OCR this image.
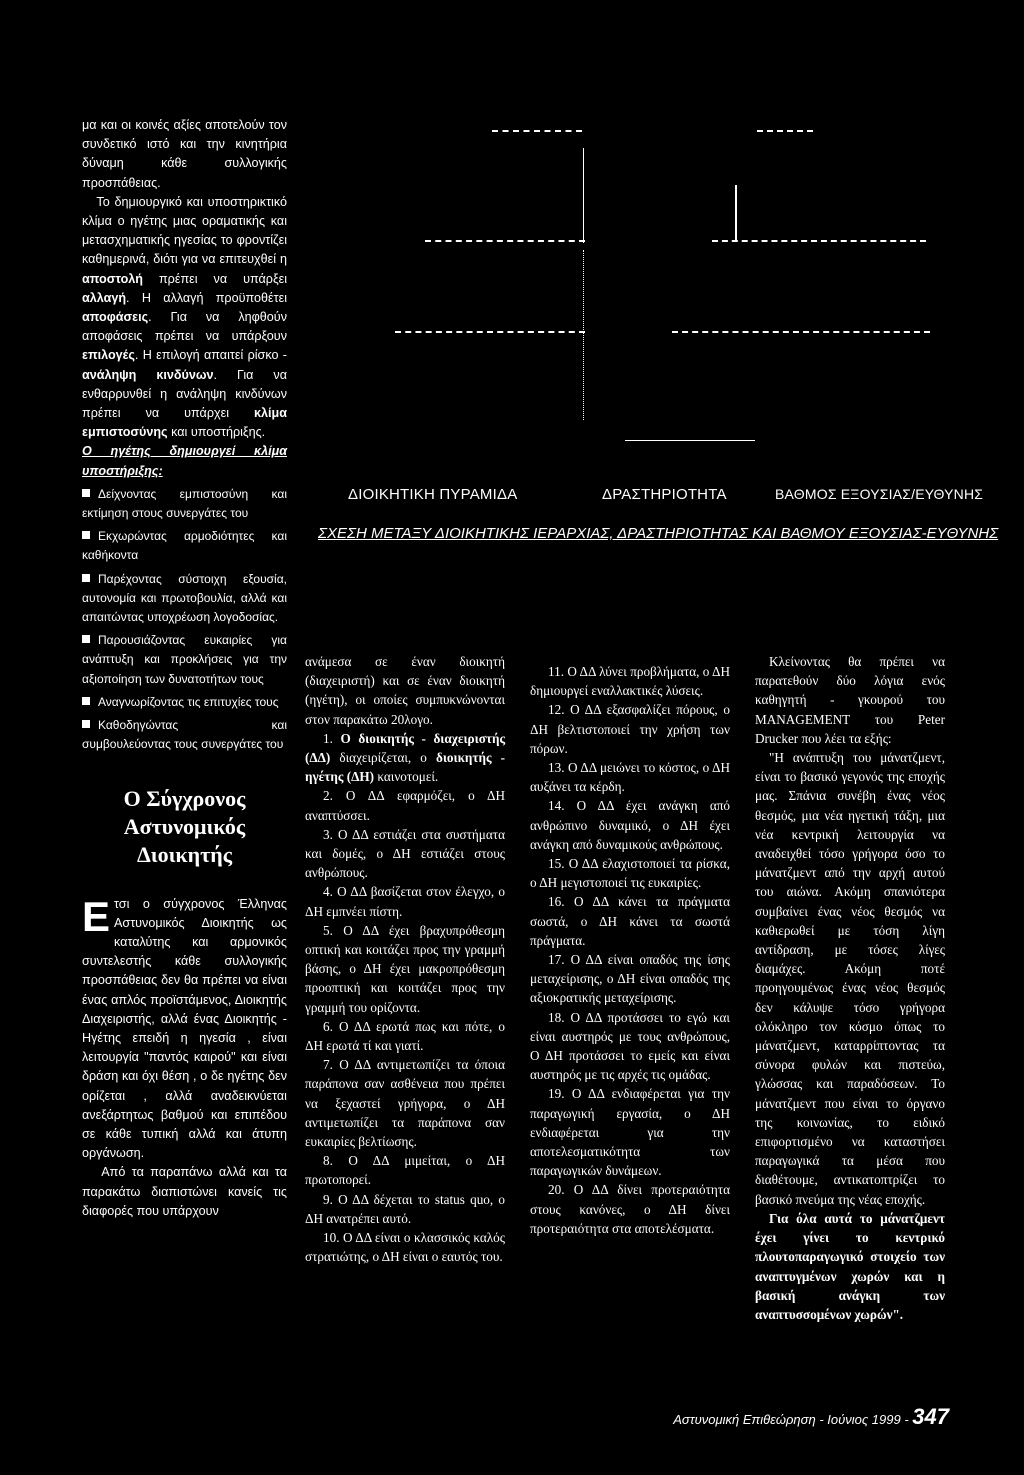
μα και οι κοινές αξίες αποτελούν τον συνδετικό ιστό και την κινητήρια δύναμη κάθε συλλογικής προσπάθειας.

Το δημιουργικό και υποστηρικτικό κλίμα ο ηγέτης μιας οραματικής και μετασχηματικής ηγεσίας το φροντίζει καθημερινά, διότι για να επιτευχθεί η αποστολή πρέπει να υπάρξει αλλαγή. Η αλλαγή προϋποθέτει αποφάσεις. Για να ληφθούν αποφάσεις πρέπει να υπάρξουν επιλογές. Η επιλογή απαιτεί ρίσκο - ανάληψη κινδύνων. Για να ενθαρρυνθεί η ανάληψη κινδύνων πρέπει να υπάρχει κλίμα εμπιστοσύνης και υποστήριξης.

Ο ηγέτης δημιουργεί κλίμα υποστήριξης:

Δείχνοντας εμπιστοσύνη και εκτίμηση στους συνεργάτες του
Εκχωρώντας αρμοδιότητες και καθήκοντα
Παρέχοντας σύστοιχη εξουσία, αυτονομία και πρωτοβουλία, αλλά και απαιτώντας υποχρέωση λογοδοσίας.
Παρουσιάζοντας ευκαιρίες για ανάπτυξη και προκλήσεις για την αξιοποίηση των δυνατοτήτων τους
Αναγνωρίζοντας τις επιτυχίες τους
Καθοδηγώντας και συμβουλεύοντας τους συνεργάτες του
Ο Σύγχρονος Αστυνομικός Διοικητής

Ετσι ο σύγχρονος Έλληνας Αστυνομικός Διοικητής ως καταλύτης και αρμονικός συντελεστής κάθε συλλογικής προσπάθειας δεν θα πρέπει να είναι ένας απλός προϊστάμενος, Διοικητής Διαχειριστής, αλλά ένας Διοικητής - Ηγέτης επειδή η ηγεσία , είναι λειτουργία "παντός καιρού" και είναι δράση και όχι θέση , ο δε ηγέτης δεν ορίζεται , αλλά αναδεικνύεται ανεξάρτητως βαθμού και επιπέδου σε κάθε τυπική αλλά και άτυπη οργάνωση.

Από τα παραπάνω αλλά και τα παρακάτω διαπιστώνει κανείς τις διαφορές που υπάρχουν

ΔΙΟΙΚΗΤΙΚΗ ΠΥΡΑΜΙΔΑ	ΔΡΑΣΤΗΡΙΟΤΗΤΑ	ΒΑΘΜΟΣ ΕΞΟΥΣΙΑΣ/ΕΥΘΥΝΗΣ
ΣΧΕΣΗ ΜΕΤΑΞΥ ΔΙΟΙΚΗΤΙΚΗΣ ΙΕΡΑΡΧΙΑΣ, ΔΡΑΣΤΗΡΙΟΤΗΤΑΣ ΚΑΙ ΒΑΘΜΟΥ ΕΞΟΥΣΙΑΣ-ΕΥΘΥΝΗΣ

ανάμεσα σε έναν διοικητή (διαχειριστή) και σε έναν διοικητή (ηγέτη), οι οποίες συμπυκνώνονται στον παρακάτω 20λογο.

1. Ο διοικητής - διαχειριστής (ΔΔ) διαχειρίζεται, ο διοικητής - ηγέτης (ΔΗ) καινοτομεί.

2. Ο ΔΔ εφαρμόζει, ο ΔΗ αναπτύσσει.

3. Ο ΔΔ εστιάζει στα συστήματα και δομές, ο ΔΗ εστιάζει στους ανθρώπους.

4. Ο ΔΔ βασίζεται στον έλεγχο, ο ΔΗ εμπνέει πίστη.

5. Ο ΔΔ έχει βραχυπρόθεσμη οπτική και κοιτάζει προς την γραμμή βάσης, ο ΔΗ έχει μακροπρόθεσμη προοπτική και κοιτάζει προς την γραμμή του ορίζοντα.

6. Ο ΔΔ ερωτά πως και πότε, ο ΔΗ ερωτά τί και γιατί.

7. Ο ΔΔ αντιμετωπίζει τα όποια παράπονα σαν ασθένεια που πρέπει να ξεχαστεί γρήγορα, ο ΔΗ αντιμετωπίζει τα παράπονα σαν ευκαιρίες βελτίωσης.

8. Ο ΔΔ μιμείται, ο ΔΗ πρωτοπορεί.

9. Ο ΔΔ δέχεται το status quo, ο ΔΗ ανατρέπει αυτό.

10. Ο ΔΔ είναι ο κλασσικός καλός στρατιώτης, ο ΔΗ είναι ο εαυτός του.

11. Ο ΔΔ λύνει προβλήματα, ο ΔΗ δημιουργεί εναλλακτικές λύσεις.

12. Ο ΔΔ εξασφαλίζει πόρους, ο ΔΗ βελτιστοποιεί την χρήση των πόρων.

13. Ο ΔΔ μειώνει το κόστος, ο ΔΗ αυξάνει τα κέρδη.

14. Ο ΔΔ έχει ανάγκη από ανθρώπινο δυναμικό, ο ΔΗ έχει ανάγκη από δυναμικούς ανθρώπους.

15. Ο ΔΔ ελαχιστοποιεί τα ρίσκα, ο ΔΗ μεγιστοποιεί τις ευκαιρίες.

16. Ο ΔΔ κάνει τα πράγματα σωστά, ο ΔΗ κάνει τα σωστά πράγματα.

17. Ο ΔΔ είναι οπαδός της ίσης μεταχείρισης, ο ΔΗ είναι οπαδός της αξιοκρατικής μεταχείρισης.

18. Ο ΔΔ προτάσσει το εγώ και είναι αυστηρός με τους ανθρώπους, Ο ΔΗ προτάσσει το εμείς και είναι αυστηρός με τις αρχές τις ομάδας.

19. Ο ΔΔ ενδιαφέρεται για την παραγωγική εργασία, ο ΔΗ ενδιαφέρεται για την αποτελεσματικότητα των παραγωγικών δυνάμεων.

20. Ο ΔΔ δίνει προτεραιότητα στους κανόνες, ο ΔΗ δίνει προτεραιότητα στα αποτελέσματα.

Κλείνοντας θα πρέπει να παρατεθούν δύο λόγια ενός καθηγητή - γκουρού του MANAGEMENT του Peter Drucker που λέει τα εξής:

"Η ανάπτυξη του μάνατζμεντ, είναι το βασικό γεγονός της εποχής μας. Σπάνια συνέβη ένας νέος θεσμός, μια νέα ηγετική τάξη, μια νέα κεντρική λειτουργία να αναδειχθεί τόσο γρήγορα όσο το μάνατζμεντ από την αρχή αυτού του αιώνα. Ακόμη σπανιότερα συμβαίνει ένας νέος θεσμός να καθιερωθεί με τόση λίγη αντίδραση, με τόσες λίγες διαμάχες. Ακόμη ποτέ προηγουμένως ένας νέος θεσμός δεν κάλυψε τόσο γρήγορα ολόκληρο τον κόσμο όπως το μάνατζμεντ, καταρρίπτοντας τα σύνορα φυλών και πιστεύω, γλώσσας και παραδόσεων. Το μάνατζμεντ που είναι το όργανο της κοινωνίας, το ειδικό επιφορτισμένο να καταστήσει παραγωγικά τα μέσα που διαθέτουμε, αντικατοπτρίζει το βασικό πνεύμα της νέας εποχής.

Για όλα αυτά το μάνατζμεντ έχει γίνει το κεντρικό πλουτοπαραγωγικό στοιχείο των αναπτυγμένων χωρών και η βασική ανάγκη των αναπτυσσομένων χωρών".

Αστυνομική Επιθεώρηση - Ιούνιος 1999 - 347
